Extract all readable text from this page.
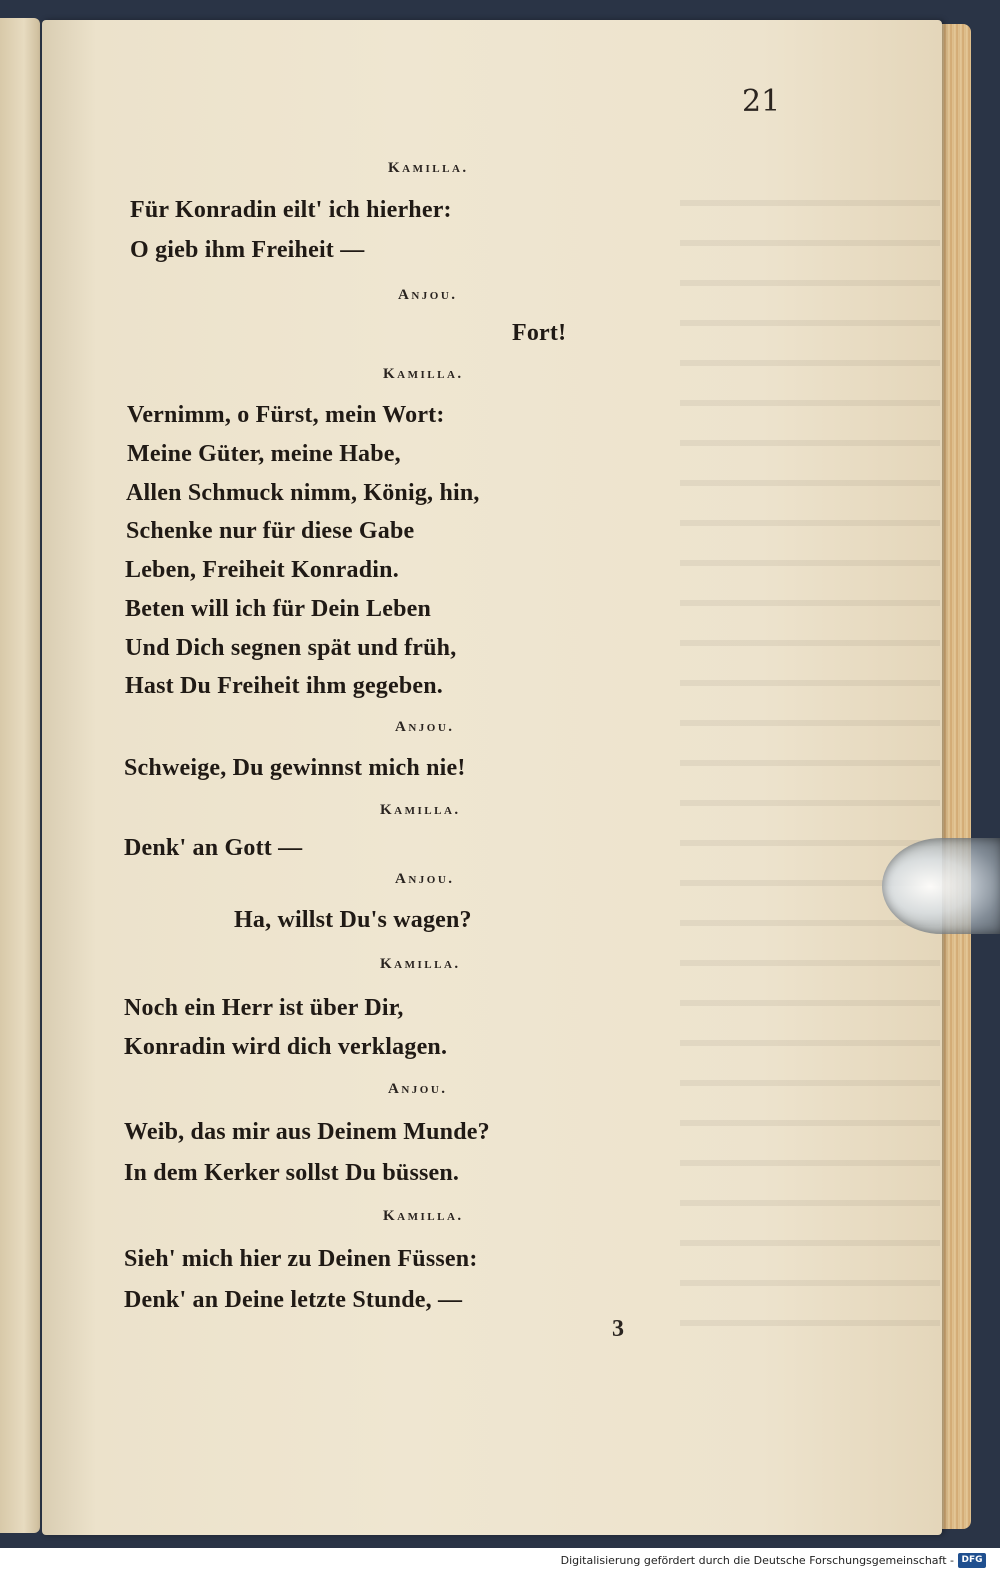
21
Kamilla.
Für Konradin eilt' ich hierher:
O gieb ihm Freiheit —
Anjou.
Fort!
Kamilla.
Vernimm, o Fürst, mein Wort:
Meine Güter, meine Habe,
Allen Schmuck nimm, König, hin,
Schenke nur für diese Gabe
Leben, Freiheit Konradin.
Beten will ich für Dein Leben
Und Dich segnen spät und früh,
Hast Du Freiheit ihm gegeben.
Anjou.
Schweige, Du gewinnst mich nie!
Kamilla.
Denk' an Gott —
Anjou.
Ha, willst Du's wagen?
Kamilla.
Noch ein Herr ist über Dir,
Konradin wird dich verklagen.
Anjou.
Weib, das mir aus Deinem Munde?
In dem Kerker sollst Du büssen.
Kamilla.
Sieh' mich hier zu Deinen Füssen:
Denk' an Deine letzte Stunde, —
3
Digitalisierung gefördert durch die Deutsche Forschungsgemeinschaft - DFG
